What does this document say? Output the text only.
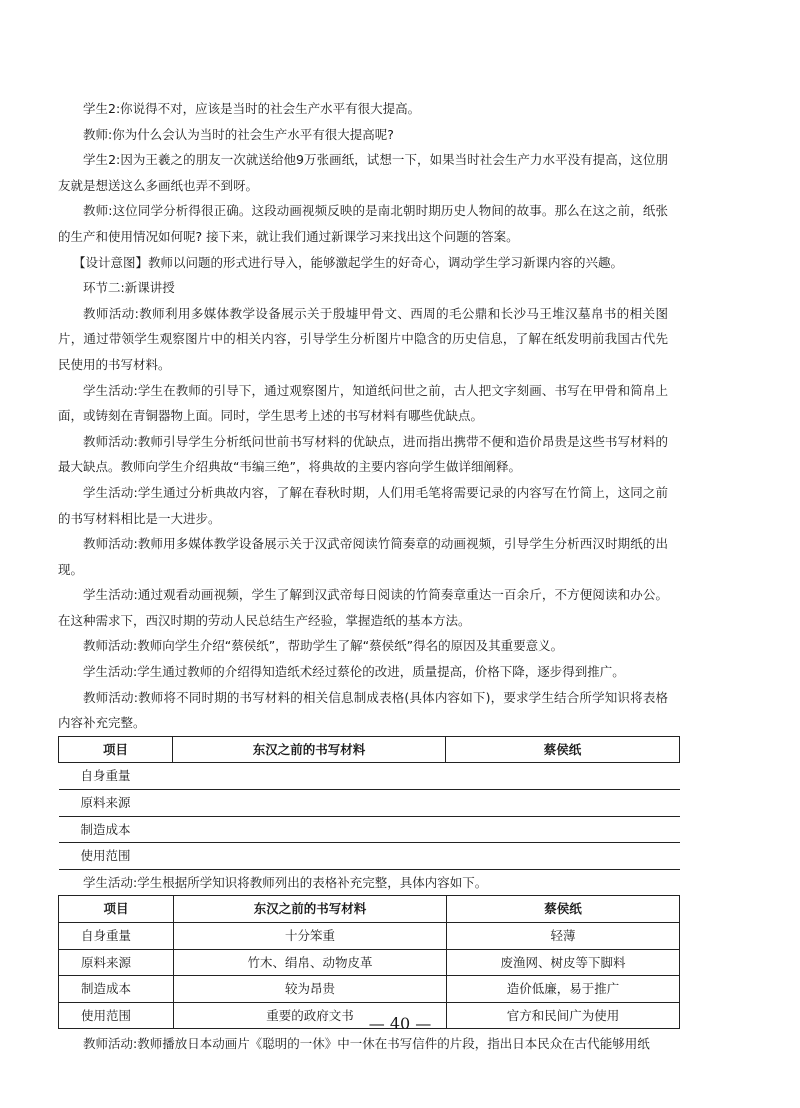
学生2:你说得不对，应该是当时的社会生产水平有很大提高。

教师:你为什么会认为当时的社会生产水平有很大提高呢?

学生2:因为王羲之的朋友一次就送给他9万张画纸，试想一下，如果当时社会生产力水平没有提高，这位朋友就是想送这么多画纸也弄不到呀。

教师:这位同学分析得很正确。这段动画视频反映的是南北朝时期历史人物间的故事。那么在这之前，纸张的生产和使用情况如何呢? 接下来，就让我们通过新课学习来找出这个问题的答案。

【设计意图】教师以问题的形式进行导入，能够激起学生的好奇心，调动学生学习新课内容的兴趣。

环节二:新课讲授

教师活动:教师利用多媒体教学设备展示关于殷墟甲骨文、西周的毛公鼎和长沙马王堆汉墓帛书的相关图片，通过带领学生观察图片中的相关内容，引导学生分析图片中隐含的历史信息，了解在纸发明前我国古代先民使用的书写材料。

学生活动:学生在教师的引导下，通过观察图片，知道纸问世之前，古人把文字刻画、书写在甲骨和简帛上面，或铸刻在青铜器物上面。同时，学生思考上述的书写材料有哪些优缺点。

教师活动:教师引导学生分析纸问世前书写材料的优缺点，进而指出携带不便和造价昂贵是这些书写材料的最大缺点。教师向学生介绍典故“韦编三绝”，将典故的主要内容向学生做详细阐释。

学生活动:学生通过分析典故内容，了解在春秋时期，人们用毛笔将需要记录的内容写在竹简上，这同之前的书写材料相比是一大进步。

教师活动:教师用多媒体教学设备展示关于汉武帝阅读竹简奏章的动画视频，引导学生分析西汉时期纸的出现。

学生活动:通过观看动画视频，学生了解到汉武帝每日阅读的竹简奏章重达一百余斤，不方便阅读和办公。在这种需求下，西汉时期的劳动人民总结生产经验，掌握造纸的基本方法。

教师活动:教师向学生介绍“蔡侯纸”，帮助学生了解“蔡侯纸”得名的原因及其重要意义。

学生活动:学生通过教师的介绍得知造纸术经过蔡伦的改进，质量提高，价格下降，逐步得到推广。

教师活动:教师将不同时期的书写材料的相关信息制成表格(具体内容如下)，要求学生结合所学知识将表格内容补充完整。

项目	东汉之前的书写材料	蔡侯纸
自身重量		
原料来源		
制造成本		
使用范围		

学生活动:学生根据所学知识将教师列出的表格补充完整，具体内容如下。

项目	东汉之前的书写材料	蔡侯纸
自身重量	十分笨重	轻薄
原料来源	竹木、绢帛、动物皮革	废渔网、树皮等下脚料
制造成本	较为昂贵	造价低廉，易于推广
使用范围	重要的政府文书	官方和民间广为使用

教师活动:教师播放日本动画片《聪明的一休》中一休在书写信件的片段，指出日本民众在古代能够用纸

— 40 —
